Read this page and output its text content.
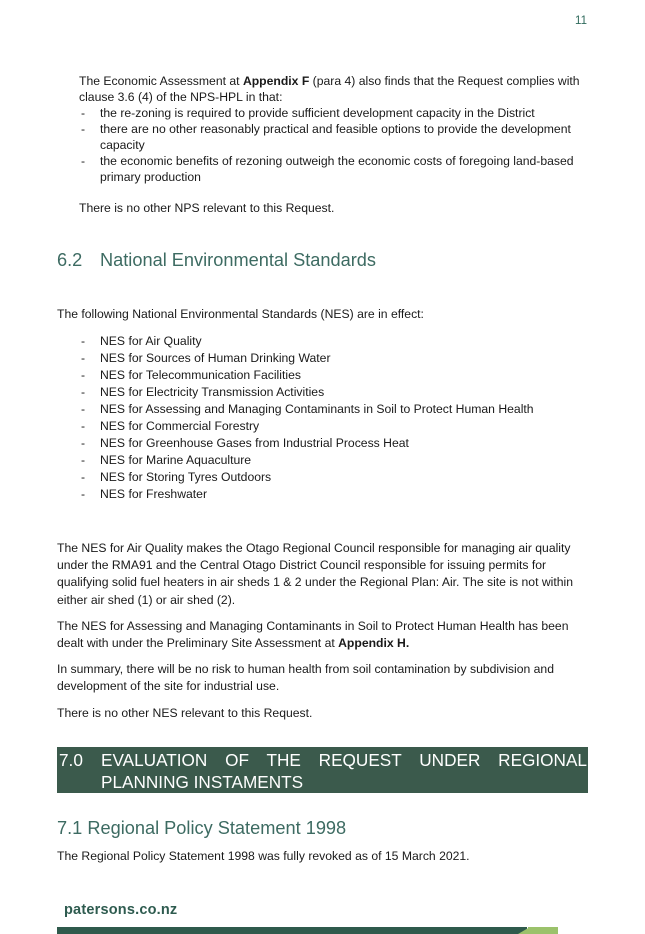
11
The Economic Assessment at Appendix F (para 4) also finds that the Request complies with
clause 3.6 (4) of the NPS-HPL in that:
- the re-zoning is required to provide sufficient development capacity in the District
- there are no other reasonably practical and feasible options to provide the development
capacity
- the economic benefits of rezoning outweigh the economic costs of foregoing land-based
primary production
There is no other NPS relevant to this Request.
6.2 National Environmental Standards
The following National Environmental Standards (NES) are in effect:
- NES for Air Quality
- NES for Sources of Human Drinking Water
- NES for Telecommunication Facilities
- NES for Electricity Transmission Activities
- NES for Assessing and Managing Contaminants in Soil to Protect Human Health
- NES for Commercial Forestry
- NES for Greenhouse Gases from Industrial Process Heat
- NES for Marine Aquaculture
- NES for Storing Tyres Outdoors
- NES for Freshwater
The NES for Air Quality makes the Otago Regional Council responsible for managing air quality
under the RMA91 and the Central Otago District Council responsible for issuing permits for
qualifying solid fuel heaters in air sheds 1 & 2 under the Regional Plan: Air. The site is not within
either air shed (1) or air shed (2).
The NES for Assessing and Managing Contaminants in Soil to Protect Human Health has been
dealt with under the Preliminary Site Assessment at Appendix H.
In summary, there will be no risk to human health from soil contamination by subdivision and
development of the site for industrial use.
There is no other NES relevant to this Request.
7.0 EVALUATION OF THE REQUEST UNDER REGIONAL
PLANNING INSTAMENTS
7.1 Regional Policy Statement 1998
The Regional Policy Statement 1998 was fully revoked as of 15 March 2021.
patersons.co.nz
